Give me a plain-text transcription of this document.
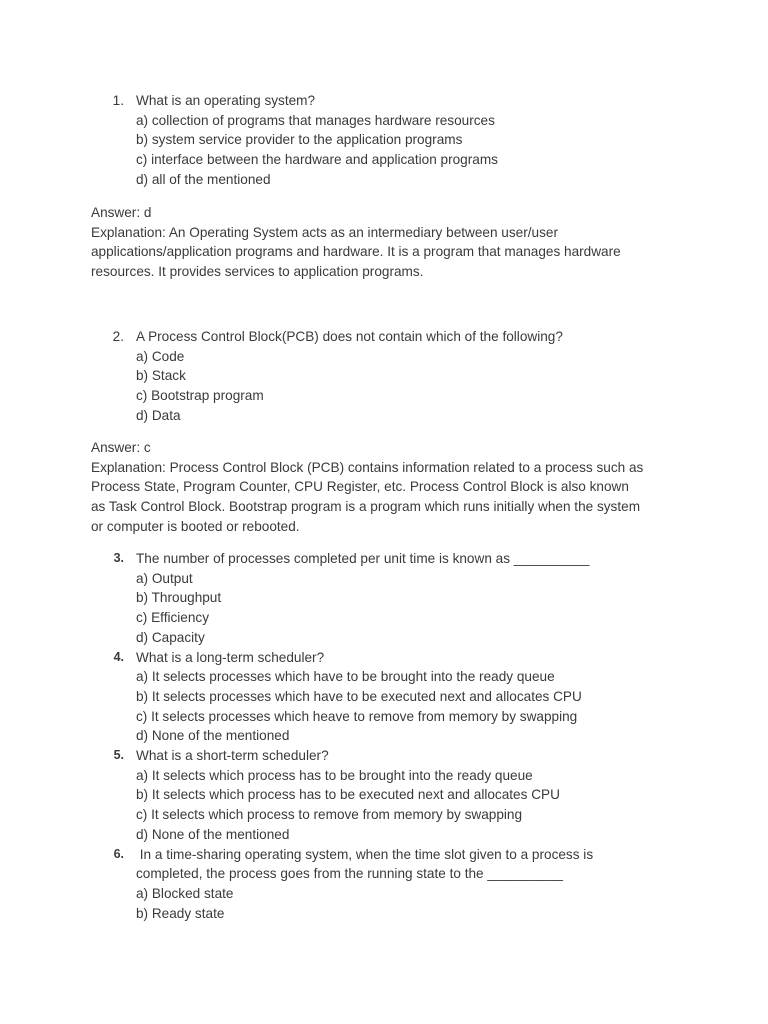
1. What is an operating system?
a) collection of programs that manages hardware resources
b) system service provider to the application programs
c) interface between the hardware and application programs
d) all of the mentioned

Answer: d

Explanation: An Operating System acts as an intermediary between user/user

applications/application programs and hardware. It is a program that manages hardware

resources. It provides services to application programs.

2. A Process Control Block(PCB) does not contain which of the following?
a) Code
b) Stack
c) Bootstrap program
d) Data

Answer: c

Explanation: Process Control Block (PCB) contains information related to a process such as

Process State, Program Counter, CPU Register, etc. Process Control Block is also known

as Task Control Block. Bootstrap program is a program which runs initially when the system

or computer is booted or rebooted.

3. The number of processes completed per unit time is known as __________
a) Output
b) Throughput
c) Efficiency
d) Capacity
4. What is a long-term scheduler?
a) It selects processes which have to be brought into the ready queue
b) It selects processes which have to be executed next and allocates CPU
c) It selects processes which heave to remove from memory by swapping
d) None of the mentioned
5. What is a short-term scheduler?
a) It selects which process has to be brought into the ready queue
b) It selects which process has to be executed next and allocates CPU
c) It selects which process to remove from memory by swapping
d) None of the mentioned
6. In a time-sharing operating system, when the time slot given to a process is
completed, the process goes from the running state to the __________
a) Blocked state
b) Ready state
